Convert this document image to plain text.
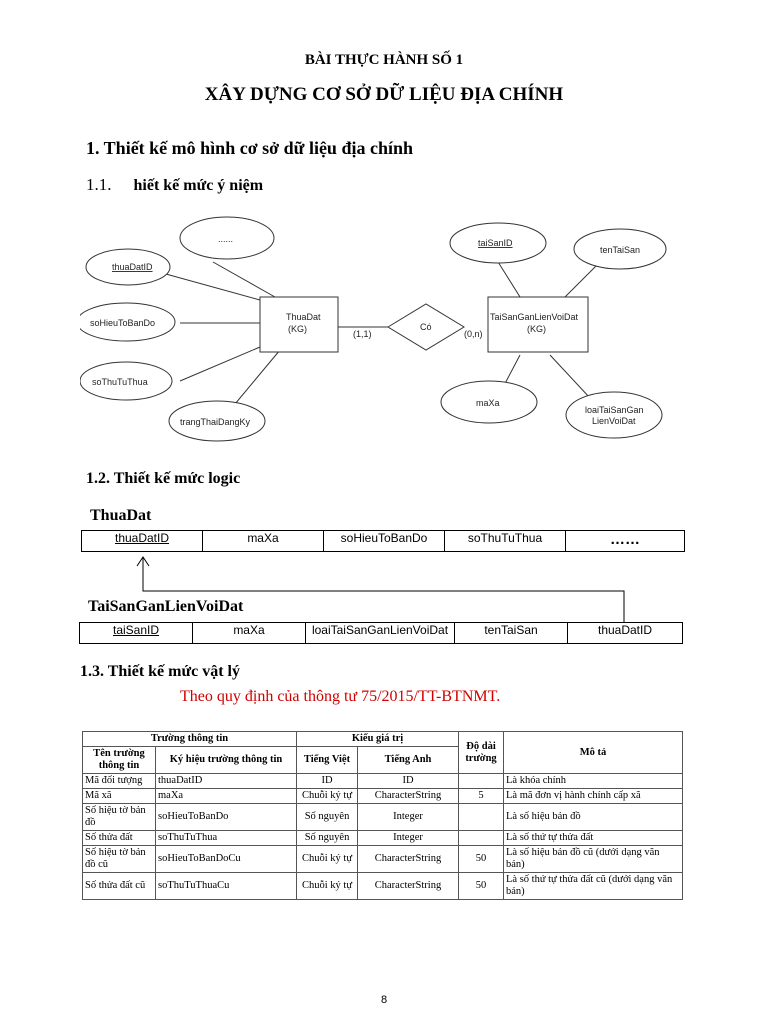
BÀI THỰC HÀNH SỐ 1
XÂY DỰNG CƠ SỞ DỮ LIỆU ĐỊA CHÍNH
1. Thiết kế mô hình cơ sở dữ liệu địa chính
1.1. hiết kế mức ý niệm
......
thuaDatID
soHieuToBanDo
soThuTuThua
trangThaiDangKy
ThuaDat
(KG)	Có
(1,1)	(0,n)
TaiSanGanLienVoiDat
(KG)
taiSanID
tenTaiSan
maXa
loaiTaiSanGan
LienVoiDat
1.2. Thiết kế mức logic
ThuaDat
thuaDatID	maXa	soHieuToBanDo	soThuTuThua	……
TaiSanGanLienVoiDat
taiSanID	maXa	loaiTaiSanGanLienVoiDat	tenTaiSan	thuaDatID
1.3. Thiết kế mức vật lý
Theo quy định của thông tư 75/2015/TT-BTNMT.
Trường thông tin		Kiểu giá trị		Độ dài trường	Mô tả
Tên trường thông tin	Ký hiệu trường thông tin	Tiếng Việt	Tiếng Anh		
Mã đối tượng	thuaDatID	ID	ID		Là khóa chính
Mã xã	maXa	Chuỗi ký tự	CharacterString	5	Là mã đơn vị hành chính cấp xã
Số hiệu tờ bản đồ	soHieuToBanDo	Số nguyên	Integer		Là số hiệu bản đồ
Số thửa đất	soThuTuThua	Số nguyên	Integer		Là số thứ tự thửa đất
Số hiệu tờ bản đồ cũ	soHieuToBanDoCu	Chuỗi ký tự	CharacterString	50	Là số hiệu bản đồ cũ (dưới dạng văn bản)
Số thửa đất cũ	soThuTuThuaCu	Chuỗi ký tự	CharacterString	50	Là số thứ tự thửa đất cũ (dưới dạng văn bản)
8
